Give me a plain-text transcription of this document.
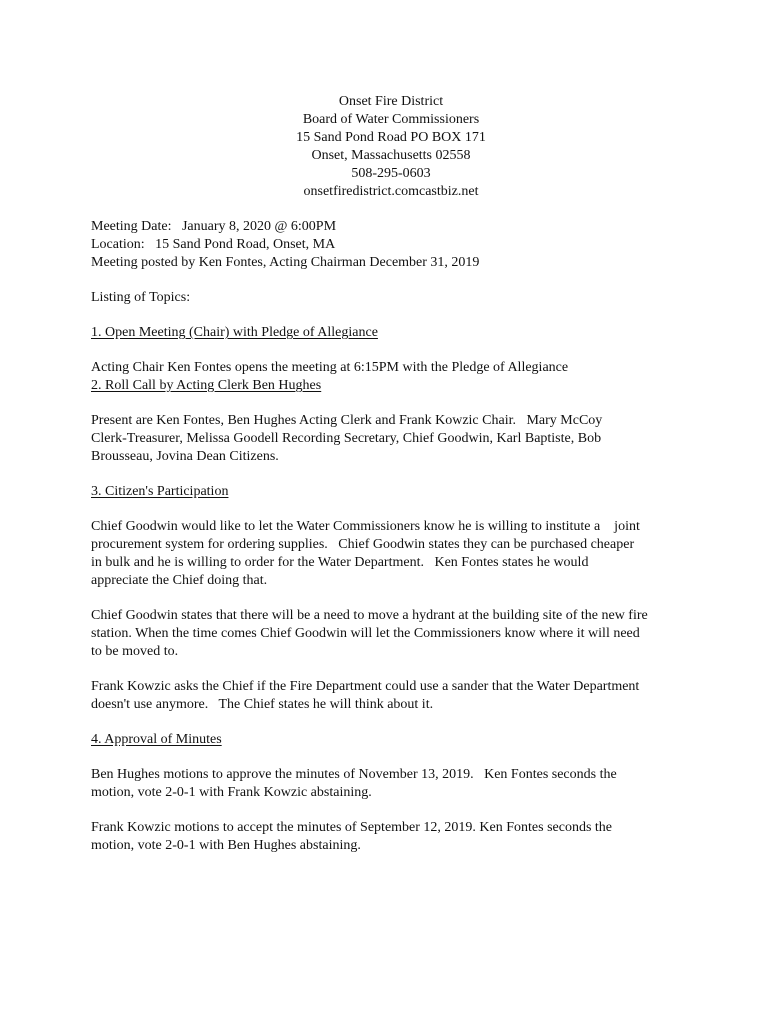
Onset Fire District
Board of Water Commissioners
15 Sand Pond Road PO BOX 171
Onset, Massachusetts 02558
508-295-0603
onsetfiredistrict.comcastbiz.net
Meeting Date:   January 8, 2020 @ 6:00PM
Location:   15 Sand Pond Road, Onset, MA
Meeting posted by Ken Fontes, Acting Chairman December 31, 2019
Listing of Topics:
1. Open Meeting (Chair) with Pledge of Allegiance
Acting Chair Ken Fontes opens the meeting at 6:15PM with the Pledge of Allegiance
2. Roll Call by Acting Clerk Ben Hughes
Present are Ken Fontes, Ben Hughes Acting Clerk and Frank Kowzic Chair.   Mary McCoy
Clerk-Treasurer, Melissa Goodell Recording Secretary, Chief Goodwin, Karl Baptiste, Bob
Brousseau, Jovina Dean Citizens.
3. Citizen's Participation
Chief Goodwin would like to let the Water Commissioners know he is willing to institute a    joint
procurement system for ordering supplies.   Chief Goodwin states they can be purchased cheaper
in bulk and he is willing to order for the Water Department.   Ken Fontes states he would
appreciate the Chief doing that.
Chief Goodwin states that there will be a need to move a hydrant at the building site of the new fire
station. When the time comes Chief Goodwin will let the Commissioners know where it will need
to be moved to.
Frank Kowzic asks the Chief if the Fire Department could use a sander that the Water Department
doesn't use anymore.   The Chief states he will think about it.
4. Approval of Minutes
Ben Hughes motions to approve the minutes of November 13, 2019.   Ken Fontes seconds the
motion, vote 2-0-1 with Frank Kowzic abstaining.
Frank Kowzic motions to accept the minutes of September 12, 2019. Ken Fontes seconds the
motion, vote 2-0-1 with Ben Hughes abstaining.
